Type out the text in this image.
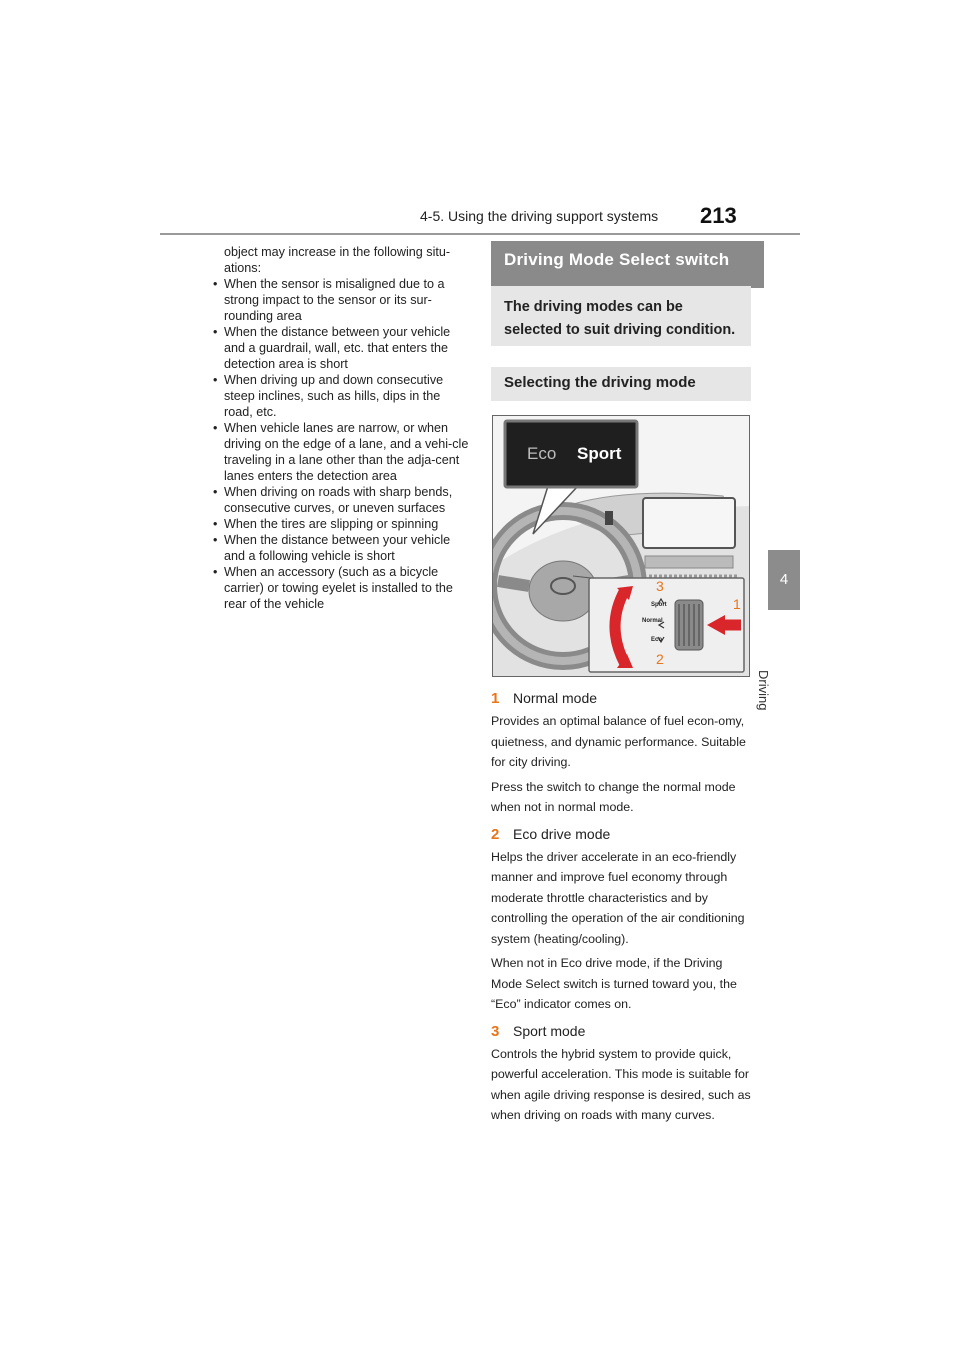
4-5. Using the driving support systems 213
4
Driving
object may increase in the following situ-ations:
• When the sensor is misaligned due to a strong impact to the sensor or its sur-rounding area
• When the distance between your vehicle and a guardrail, wall, etc. that enters the detection area is short
• When driving up and down consecutive steep inclines, such as hills, dips in the road, etc.
• When vehicle lanes are narrow, or when driving on the edge of a lane, and a vehi-cle traveling in a lane other than the adja-cent lanes enters the detection area
• When driving on roads with sharp bends, consecutive curves, or uneven surfaces
• When the tires are slipping or spinning
• When the distance between your vehicle and a following vehicle is short
• When an accessory (such as a bicycle carrier) or towing eyelet is installed to the rear of the vehicle
Driving Mode Select switch
The driving modes can be selected to suit driving condition.
Selecting the driving mode
Eco Sport
Sport
Normal
Eco
1
2
3
1 Normal mode

Provides an optimal balance of fuel econ-omy, quietness, and dynamic performance. Suitable for city driving.

Press the switch to change the normal mode when not in normal mode.

2 Eco drive mode

Helps the driver accelerate in an eco-friendly manner and improve fuel economy through moderate throttle characteristics and by controlling the operation of the air conditioning system (heating/cooling).

When not in Eco drive mode, if the Driving Mode Select switch is turned toward you, the “Eco” indicator comes on.

3 Sport mode

Controls the hybrid system to provide quick, powerful acceleration. This mode is suitable for when agile driving response is desired, such as when driving on roads with many curves.
